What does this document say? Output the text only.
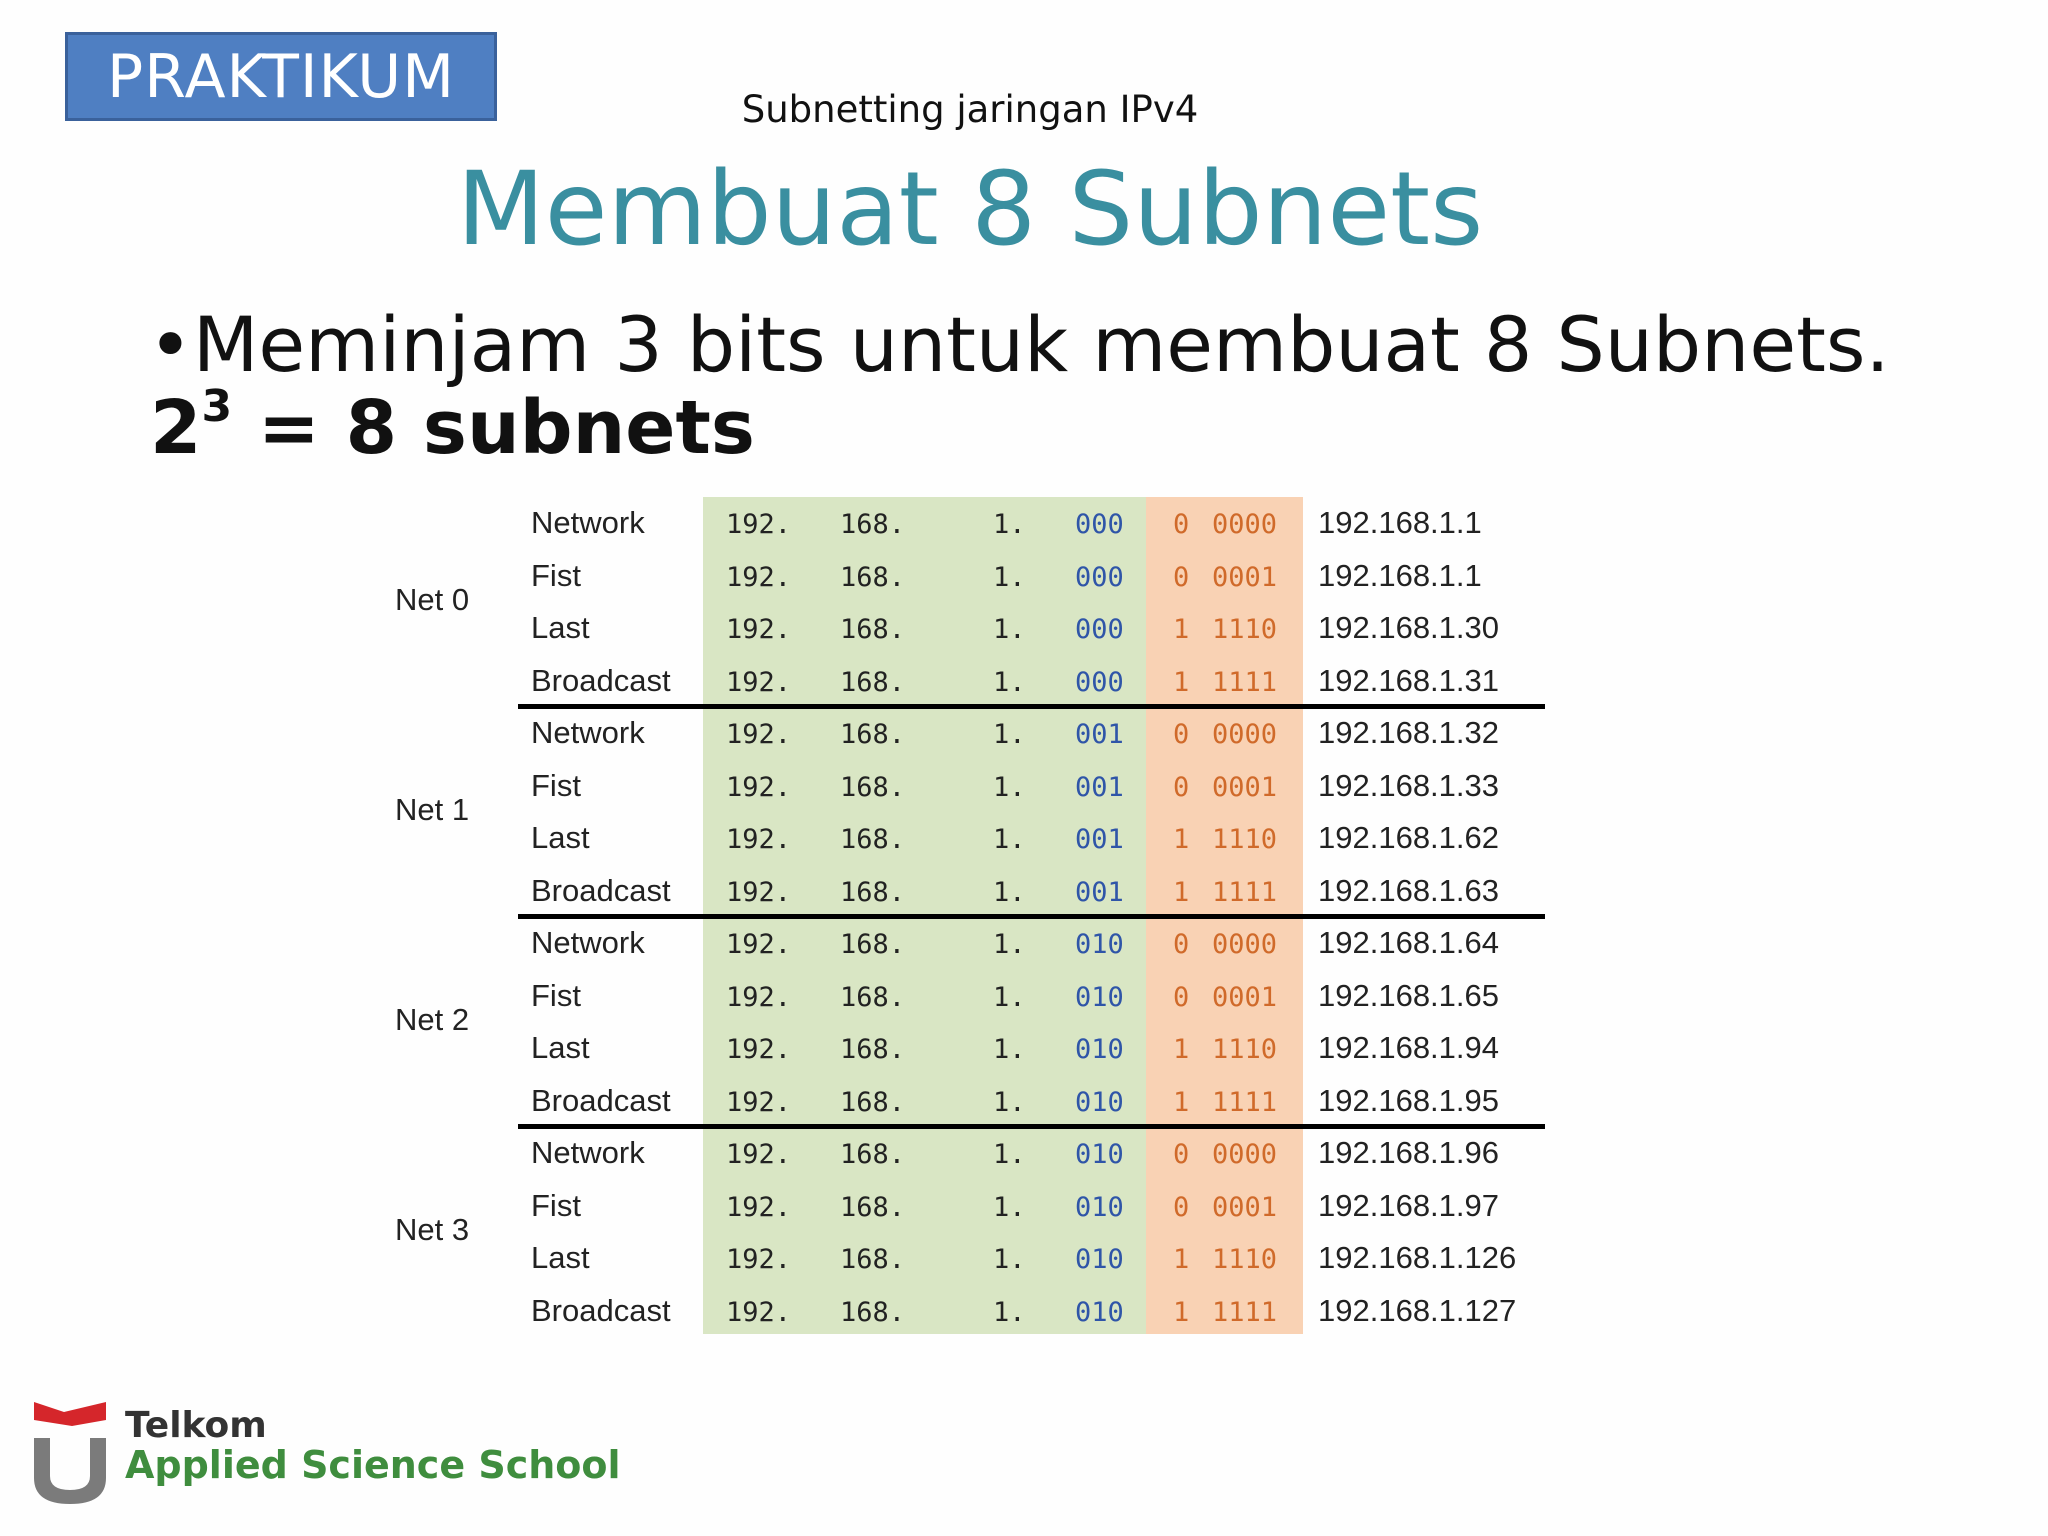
PRAKTIKUM	Subnetting jaringan IPv4
Membuat 8 Subnets
•Meminjam 3 bits untuk membuat 8 Subnets.
$2^3 = 8$ subnets
Net 0
Network	192. 168.	1. 000 0 0000 192.168.1.1
Fist	192. 168.	1. 000 0 0001 192.168.1.1
Last	192. 168.	1. 000 1 1110 192.168.1.30
Broadcast 192. 168.	1. 000 1 1111 192.168.1.31
Net 1
Network	192. 168.	1. 001 0 0000 192.168.1.32
Fist	192. 168.	1. 001 0 0001 192.168.1.33
Last	192. 168.	1. 001 1 1110 192.168.1.62
Broadcast 192. 168.	1. 001 1 1111 192.168.1.63
Net 2
Network	192. 168.	1. 010 0 0000 192.168.1.64
Fist	192. 168.	1. 010 0 0001 192.168.1.65
Last	192. 168.	1. 010 1 1110 192.168.1.94
Broadcast 192. 168.	1. 010 1 1111 192.168.1.95
Net 3
Network	192. 168.	1. 010 0 0000 192.168.1.96
Fist	192. 168.	1. 010 0 0001 192.168.1.97
Last	192. 168.	1. 010 1 1110 192.168.1.126
Broadcast 192. 168.	1. 010 1 1111 192.168.1.127
Telkom
Applied Science School
